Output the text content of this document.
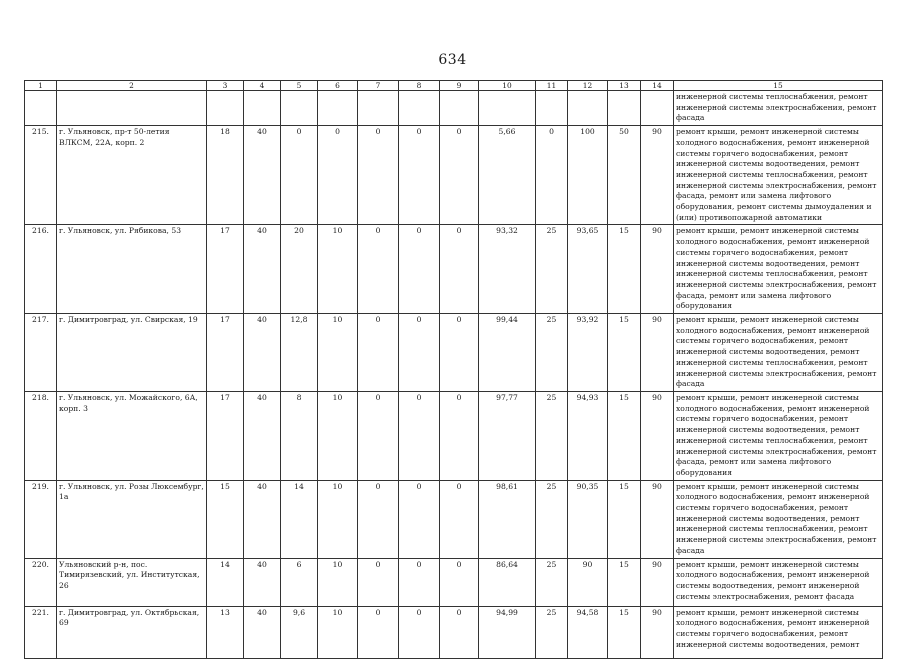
634
1	2	3	4	5	6	7	8	9	10	11	12	13	14	15
														инженерной системы теплоснабжения, ремонт инженерной системы электроснабжения, ремонт фасада
215.	г. Ульяновск, пр-т 50-летия ВЛКСМ, 22А, корп. 2	18	40	0	0	0	0	0	5,66	0	100	50	90	ремонт крыши, ремонт инженерной системы холодного водоснабжения, ремонт инженерной системы горячего водоснабжения, ремонт инженерной системы водоотведения, ремонт инженерной системы теплоснабжения, ремонт инженерной системы электроснабжения, ремонт фасада, ремонт или замена лифтового оборудования, ремонт системы дымоудаления и (или) противопожарной автоматики
216.	г. Ульяновск, ул. Рябикова, 53	17	40	20	10	0	0	0	93,32	25	93,65	15	90	ремонт крыши, ремонт инженерной системы холодного водоснабжения, ремонт инженерной системы горячего водоснабжения, ремонт инженерной системы водоотведения, ремонт инженерной системы теплоснабжения, ремонт инженерной системы электроснабжения, ремонт фасада, ремонт или замена лифтового оборудования
217.	г. Димитровград, ул. Свирская, 19	17	40	12,8	10	0	0	0	99,44	25	93,92	15	90	ремонт крыши, ремонт инженерной системы холодного водоснабжения, ремонт инженерной системы горячего водоснабжения, ремонт инженерной системы водоотведения, ремонт инженерной системы теплоснабжения, ремонт инженерной системы электроснабжения, ремонт фасада
218.	г. Ульяновск, ул. Можайского, 6А, корп. 3	17	40	8	10	0	0	0	97,77	25	94,93	15	90	ремонт крыши, ремонт инженерной системы холодного водоснабжения, ремонт инженерной системы горячего водоснабжения, ремонт инженерной системы водоотведения, ремонт инженерной системы теплоснабжения, ремонт инженерной системы электроснабжения, ремонт фасада, ремонт или замена лифтового оборудования
219.	г. Ульяновск, ул. Розы Люксембург, 1а	15	40	14	10	0	0	0	98,61	25	90,35	15	90	ремонт крыши, ремонт инженерной системы холодного водоснабжения, ремонт инженерной системы горячего водоснабжения, ремонт инженерной системы водоотведения, ремонт инженерной системы теплоснабжения, ремонт инженерной системы электроснабжения, ремонт фасада
220.	Ульяновский р-н, пос. Тимирязевский, ул. Институтская, 26	14	40	6	10	0	0	0	86,64	25	90	15	90	ремонт крыши, ремонт инженерной системы холодного водоснабжения, ремонт инженерной системы водоотведения, ремонт инженерной системы электроснабжения, ремонт фасада
221.	г. Димитровград, ул. Октябрьская, 69	13	40	9,6	10	0	0	0	94,99	25	94,58	15	90	ремонт крыши, ремонт инженерной системы холодного водоснабжения, ремонт инженерной системы горячего водоснабжения, ремонт инженерной системы водоотведения, ремонт
